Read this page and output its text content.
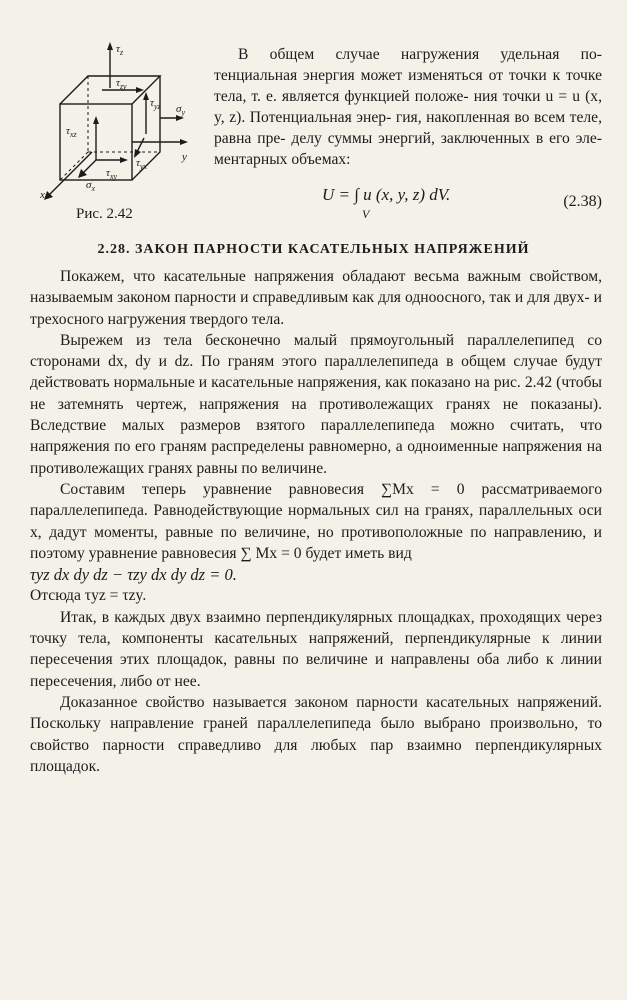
$\tau_z$
$\tau_{zy}$
$\tau_{yz}$ $\sigma_y$
$\tau_{xz}$
$\tau_{xy}$
$\tau_{yx}$
$\sigma_x$
y
x
Рис. 2.42

В общем случае нагружения удельная по- тенциальная энергия может изменяться от точки к точке тела, т. е. является функцией положе- ния точки u = u (x, y, z). Потенциальная энер- гия, накопленная во всем теле, равна пре- делу суммы энергий, заключенных в его эле- ментарных объемах:

U = ∫ u (x, y, z) dV.
V
(2.38)
2.28. ЗАКОН ПАРНОСТИ КАСАТЕЛЬНЫХ НАПРЯЖЕНИЙ

Покажем, что касательные напряжения обладают весьма важным свойством, называемым законом парности и справедливым как для одноосного, так и для двух- и трехосного нагружения твердого тела.

Вырежем из тела бесконечно малый прямоугольный параллелепипед со сторонами dx, dy и dz. По граням этого параллелепипеда в общем случае будут действовать нормальные и касательные напряжения, как показано на рис. 2.42 (чтобы не затемнять чертеж, напряжения на противолежащих гранях не показаны). Вследствие малых размеров взятого параллелепипеда можно считать, что напряжения по его граням распределены равномерно, а одноименные напряжения на противолежащих гранях равны по величине.

Составим теперь уравнение равновесия ∑Mx = 0 рассматриваемого параллелепипеда. Равнодействующие нормальных сил на гранях, параллельных оси x, дадут моменты, равные по величине, но противоположные по направлению, и поэтому уравнение равновесия ∑ Mx = 0 будет иметь вид

τyz dx dy dz − τzy dx dy dz = 0.

Отсюда τyz = τzy.

Итак, в каждых двух взаимно перпендикулярных площадках, проходящих через точку тела, компоненты касательных напряжений, перпендикулярные к линии пересечения этих площадок, равны по величине и направлены оба либо к линии пересечения, либо от нее.

Доказанное свойство называется законом парности касательных напряжений. Поскольку направление граней параллелепипеда было выбрано произвольно, то свойство парности справедливо для любых пар взаимно перпендикулярных площадок.
